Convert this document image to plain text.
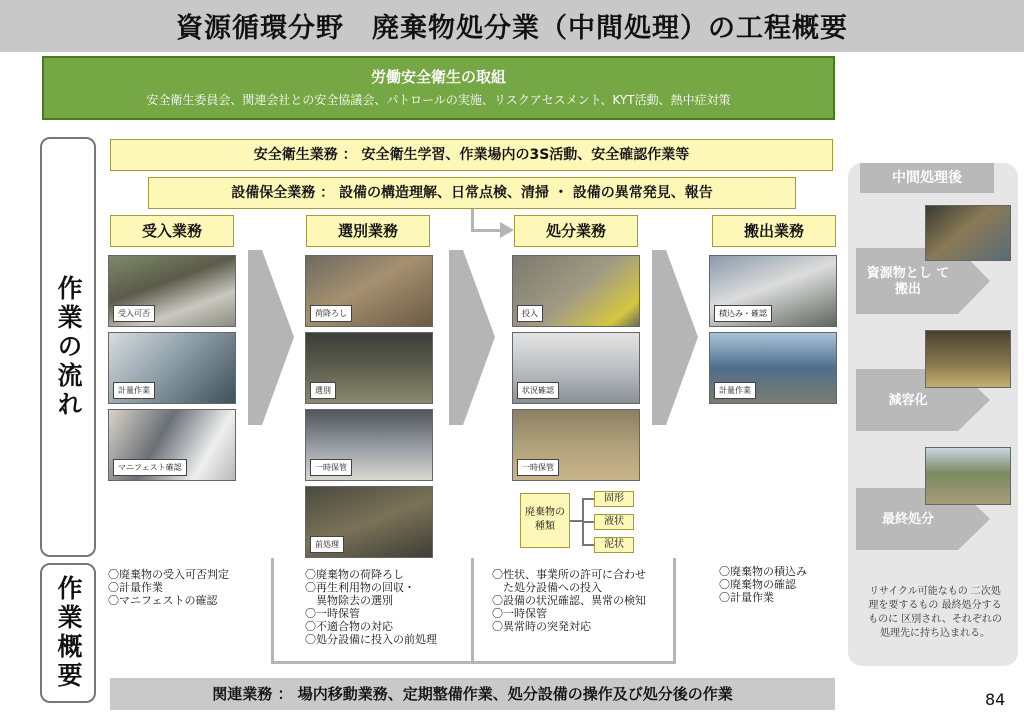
資源循環分野　廃棄物処分業（中間処理）の工程概要
労働安全衛生の取組
安全衛生委員会、関連会社との安全協議会、パトロールの実施、リスクアセスメント、KYT活動、熱中症対策
作業の流れ
作業概要
安全衛生業務 ： 安全衛生学習、作業場内の3S活動、安全確認作業等
設備保全業務 ： 設備の構造理解、日常点検、清掃 ・ 設備の異常発見、報告
受入業務	選別業務	処分業務	搬出業務
受入可否
計量作業
マニフェスト確認
荷降ろし
選別
一時保管
前処理
投入
状況確認
一時保管
廃棄物の種類
固形
液状
泥状
積込み・確認
計量作業
〇廃棄物の受入可否判定
〇計量作業
〇マニフェストの確認
〇廃棄物の荷降ろし
〇再生利用物の回収・
　異物除去の選別
〇一時保管
〇不適合物の対応
〇処分設備に投入の前処理
〇性状、事業所の許可に合わせ
　た処分設備への投入
〇設備の状況確認、異常の検知
〇一時保管
〇異常時の突発対応
〇廃棄物の積込み
〇廃棄物の確認
〇計量作業
関連業務 ： 場内移動業務、定期整備作業、処分設備の操作及び処分後の作業
中間処理後
資源物とし て搬出
減容化
最終処分
リサイクル可能なもの 二次処理を要するもの 最終処分するものに 区別され、それぞれの 処理先に持ち込まれる。
84
